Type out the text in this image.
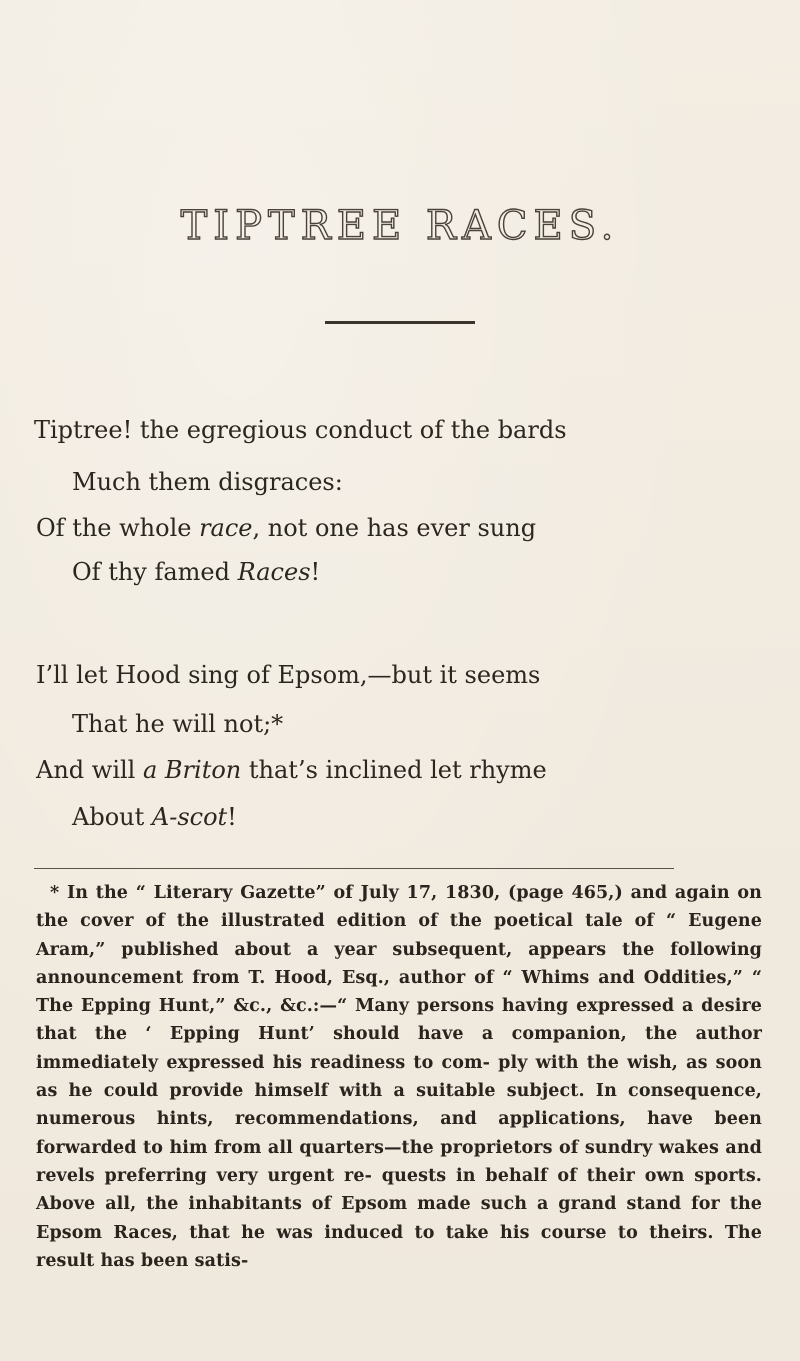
TIPTREE RACES.
Tiptree! the egregious conduct of the bards
Much them disgraces:
Of the whole race, not one has ever sung
Of thy famed Races!
I’ll let Hood sing of Epsom,—but it seems
That he will not;*
And will a Briton that’s inclined let rhyme
About A-scot!

* In the “ Literary Gazette” of July 17, 1830, (page 465,) and again on the cover of the illustrated edition of the poetical tale of “ Eugene Aram,” published about a year subsequent, appears the following announcement from T. Hood, Esq., author of “ Whims and Oddities,” “ The Epping Hunt,” &c., &c.:—“ Many persons having expressed a desire that the ‘ Epping Hunt’ should have a companion, the author immediately expressed his readiness to com- ply with the wish, as soon as he could provide himself with a suitable subject. In consequence, numerous hints, recommendations, and applications, have been forwarded to him from all quarters—the proprietors of sundry wakes and revels preferring very urgent re- quests in behalf of their own sports. Above all, the inhabitants of Epsom made such a grand stand for the Epsom Races, that he was induced to take his course to theirs. The result has been satis-
